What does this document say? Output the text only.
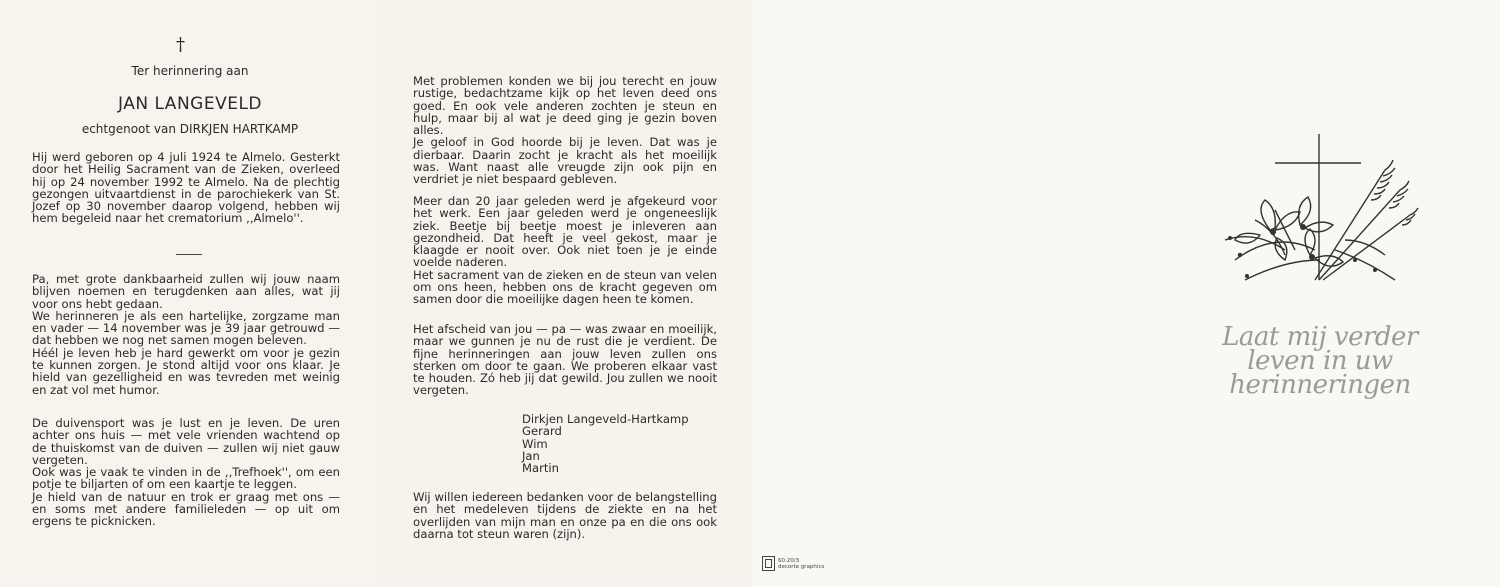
†
Ter herinnering aan
JAN LANGEVELD
echtgenoot van DIRKJEN HARTKAMP
Hij werd geboren op 4 juli 1924 te Almelo. Gesterkt door het Heilig Sacrament van de Zieken, overleed hij op 24 november 1992 te Almelo. Na de plechtig gezongen uitvaartdienst in de parochiekerk van St. Jozef op 30 november daarop volgend, hebben wij hem begeleid naar het crematorium ,,Almelo''.
Pa, met grote dankbaarheid zullen wij jouw naam blijven noemen en terugdenken aan alles, wat jij voor ons hebt gedaan.
We herinneren je als een hartelijke, zorgzame man en vader — 14 november was je 39 jaar getrouwd — dat hebben we nog net samen mogen beleven.
Héél je leven heb je hard gewerkt om voor je gezin te kunnen zorgen. Je stond altijd voor ons klaar. Je hield van gezelligheid en was tevreden met weinig en zat vol met humor.
De duivensport was je lust en je leven. De uren achter ons huis — met vele vrienden wachtend op de thuiskomst van de duiven — zullen wij niet gauw vergeten.
Ook was je vaak te vinden in de ,,Trefhoek'', om een potje te biljarten of om een kaartje te leggen.
Je hield van de natuur en trok er graag met ons — en soms met andere familieleden — op uit om ergens te picknicken.
Met problemen konden we bij jou terecht en jouw rustige, bedachtzame kijk op het leven deed ons goed. En ook vele anderen zochten je steun en hulp, maar bij al wat je deed ging je gezin boven alles.
Je geloof in God hoorde bij je leven. Dat was je dierbaar. Daarin zocht je kracht als het moeilijk was. Want naast alle vreugde zijn ook pijn en verdriet je niet bespaard gebleven.
Meer dan 20 jaar geleden werd je afgekeurd voor het werk. Een jaar geleden werd je ongeneeslijk ziek. Beetje bij beetje moest je inleveren aan gezondheid. Dat heeft je veel gekost, maar je klaagde er nooit over. Ook niet toen je je einde voelde naderen.
Het sacrament van de zieken en de steun van velen om ons heen, hebben ons de kracht gegeven om samen door die moeilijke dagen heen te komen.
Het afscheid van jou — pa — was zwaar en moeilijk, maar we gunnen je nu de rust die je verdient. De fijne herinneringen aan jouw leven zullen ons sterken om door te gaan. We proberen elkaar vast te houden. Zó heb jij dat gewild. Jou zullen we nooit vergeten.
Dirkjen Langeveld-Hartkamp
Gerard
Wim
Jan
Martin
Wij willen iedereen bedanken voor de belangstelling en het medeleven tijdens de ziekte en na het overlijden van mijn man en onze pa en die ons ook daarna tot steun waren (zijn).
60.20/3
decorte graphics
Laat mij verder
leven in uw
herinneringen
